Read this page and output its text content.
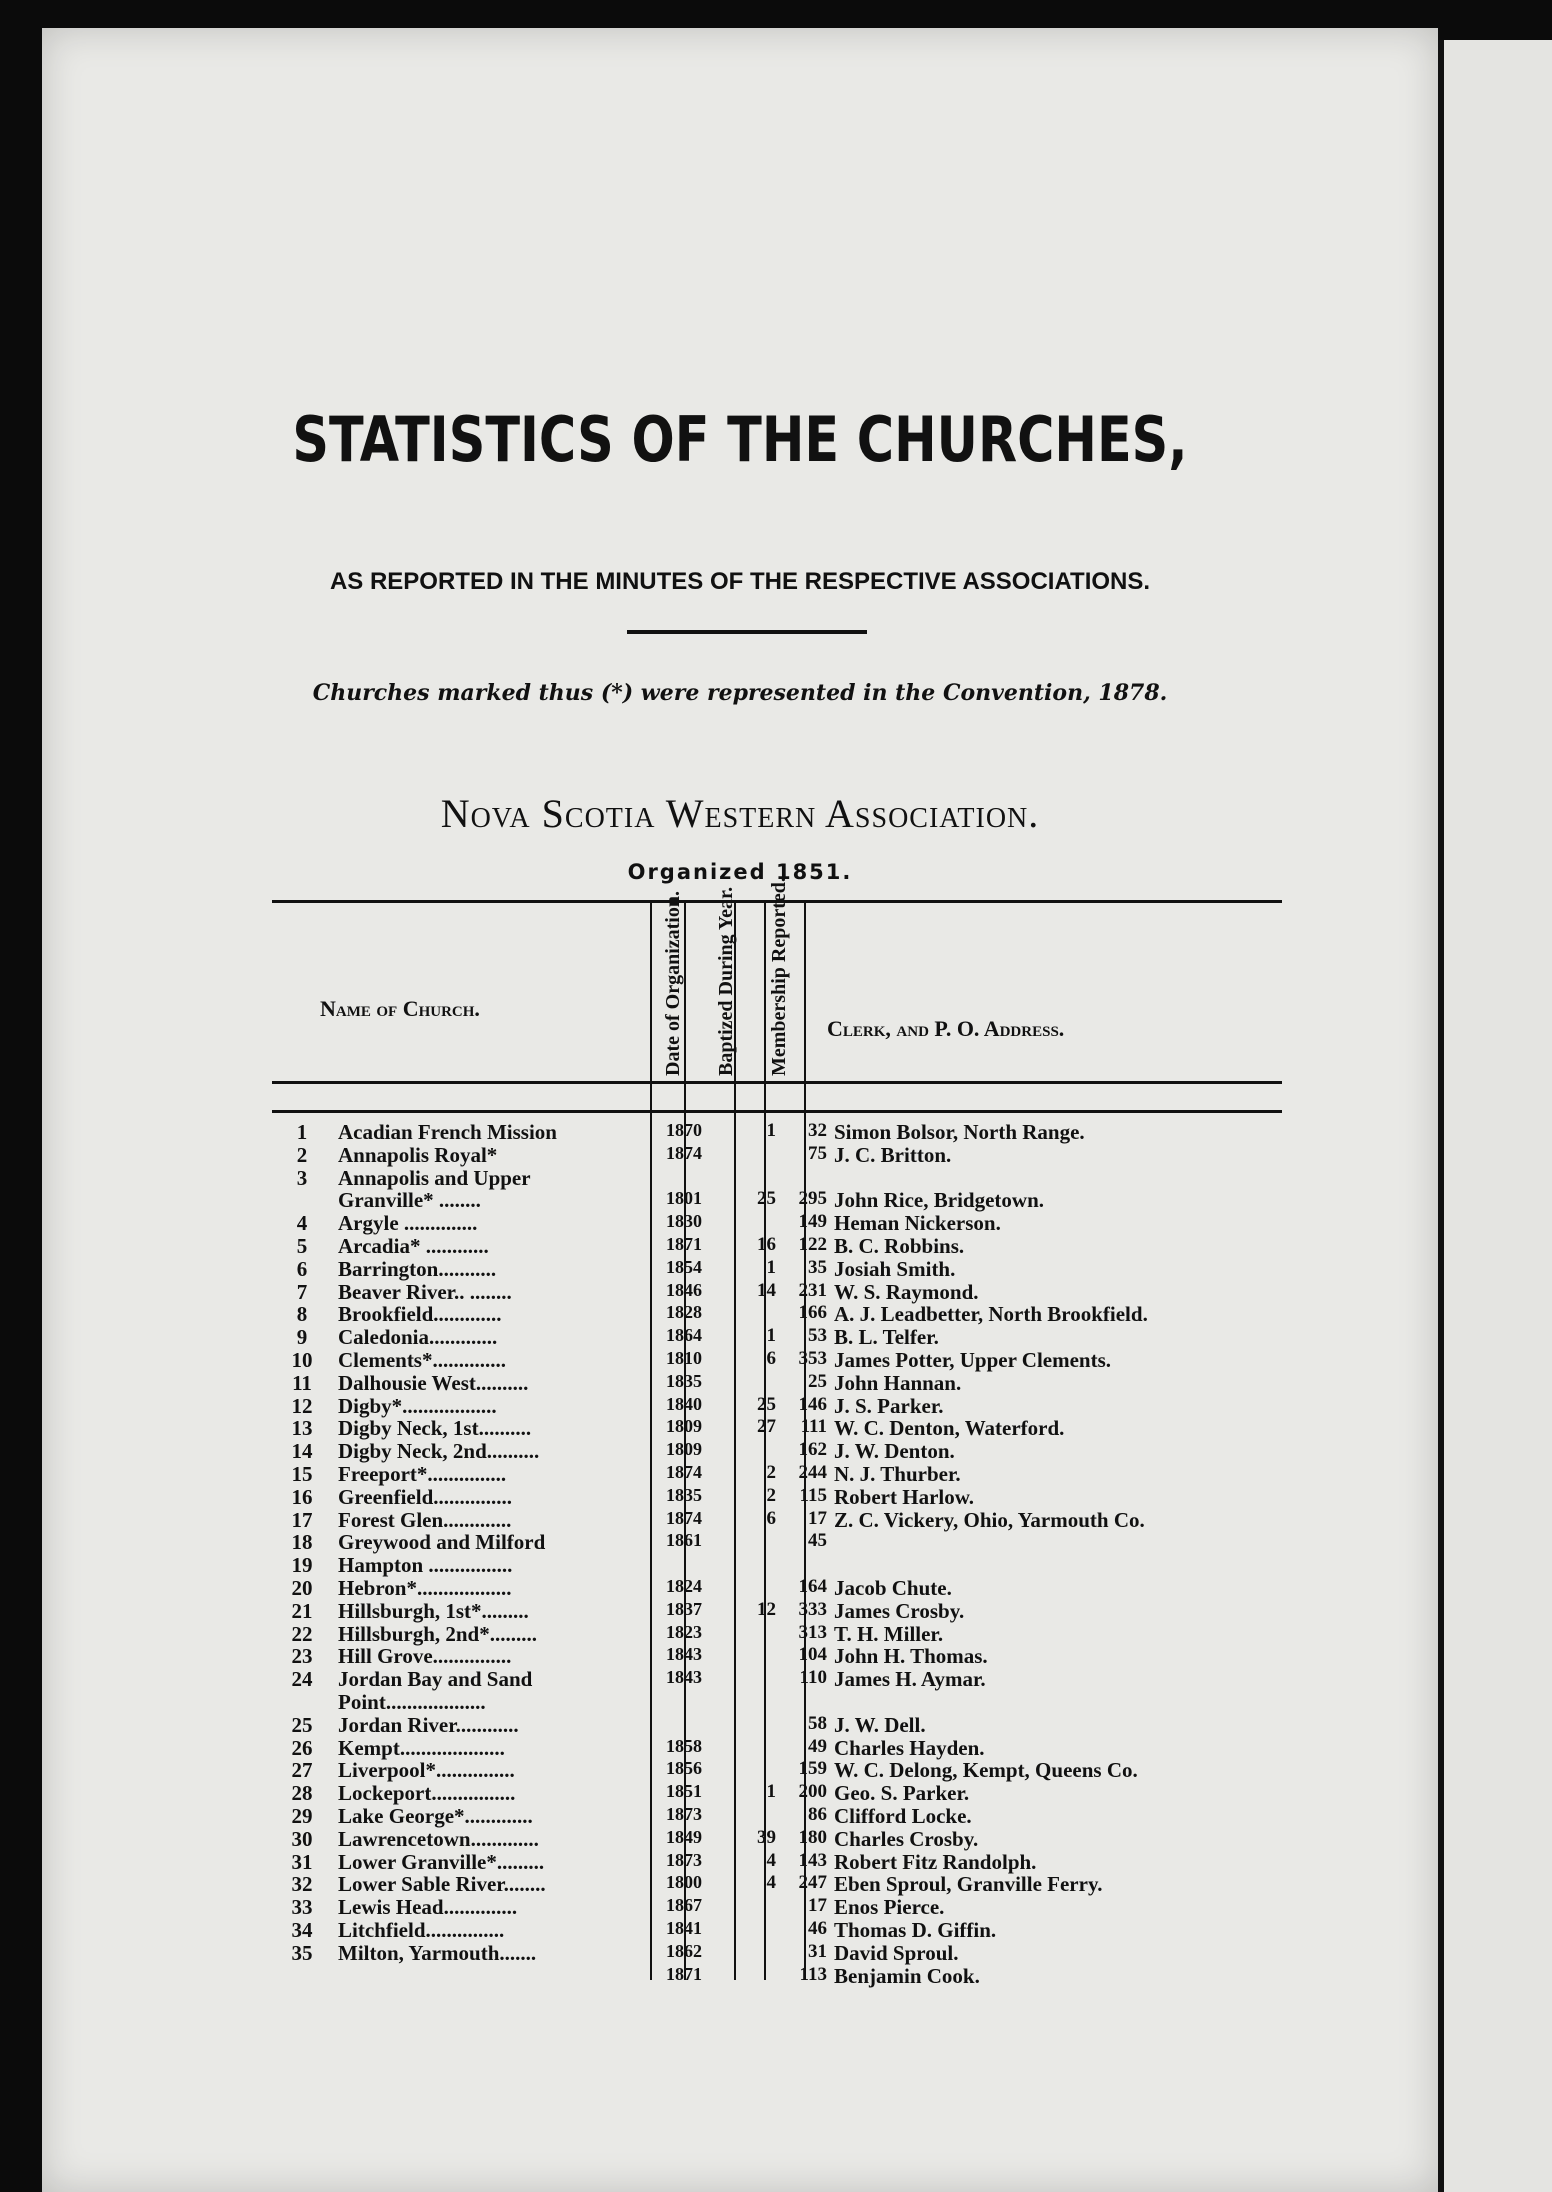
STATISTICS OF THE CHURCHES,
AS REPORTED IN THE MINUTES OF THE RESPECTIVE ASSOCIATIONS.
Churches marked thus (*) were represented in the Convention, 1878.
Nova Scotia Western Association.
Organized 1851.
Name of Church.
Clerk, and P. O. Address.
Date of Organization.	Baptized During Year.	Membership Reported.
1	Acadian French Mission	1870	1	32 Simon Bolsor, North Range.
2	Annapolis Royal*	1874	75 J. C. Britton.
3	Annapolis and Upper
Granville* ........	1801	25	295 John Rice, Bridgetown.
4	Argyle ..............	1830	149 Heman Nickerson.
5	Arcadia* ............	1871	16	122 B. C. Robbins.
6	Barrington...........	1854	1	35 Josiah Smith.
7	Beaver River.. ........	1846	14	231 W. S. Raymond.
8	Brookfield.............	1828	166 A. J. Leadbetter, North Brookfield.
9	Caledonia.............	1864	1	53 B. L. Telfer.
10	Clements*..............	1810	6	353 James Potter, Upper Clements.
11	Dalhousie West..........	1835	25 John Hannan.
12	Digby*..................	1840	25	146 J. S. Parker.
13	Digby Neck, 1st..........	1809	27	111 W. C. Denton, Waterford.
14	Digby Neck, 2nd..........	1809	162 J. W. Denton.
15	Freeport*...............	1874	2	244 N. J. Thurber.
16	Greenfield...............	1835	2	115 Robert Harlow.
17	Forest Glen.............	1874	6	17 Z. C. Vickery, Ohio, Yarmouth Co.
18	Greywood and Milford	1861	45
19	Hampton ................
20	Hebron*..................	1824	164 Jacob Chute.
21	Hillsburgh, 1st*.........	1837	12	333 James Crosby.
22	Hillsburgh, 2nd*.........	1823	313 T. H. Miller.
23	Hill Grove...............	1843	104 John H. Thomas.
24	Jordan Bay and Sand	1843	110 James H. Aymar.
Point...................
25	Jordan River............	58 J. W. Dell.
26	Kempt....................	1858	49 Charles Hayden.
27	Liverpool*...............	1856	159 W. C. Delong, Kempt, Queens Co.
28	Lockeport................	1851	1	200 Geo. S. Parker.
29	Lake George*.............	1873	86 Clifford Locke.
30	Lawrencetown.............	1849	39	180 Charles Crosby.
31	Lower Granville*.........	1873	4	143 Robert Fitz Randolph.
32	Lower Sable River........	1800	4	247 Eben Sproul, Granville Ferry.
33	Lewis Head..............	1867	17 Enos Pierce.
34	Litchfield...............	1841	46 Thomas D. Giffin.
35	Milton, Yarmouth.......	1862	31 David Sproul.
1871	113 Benjamin Cook.
